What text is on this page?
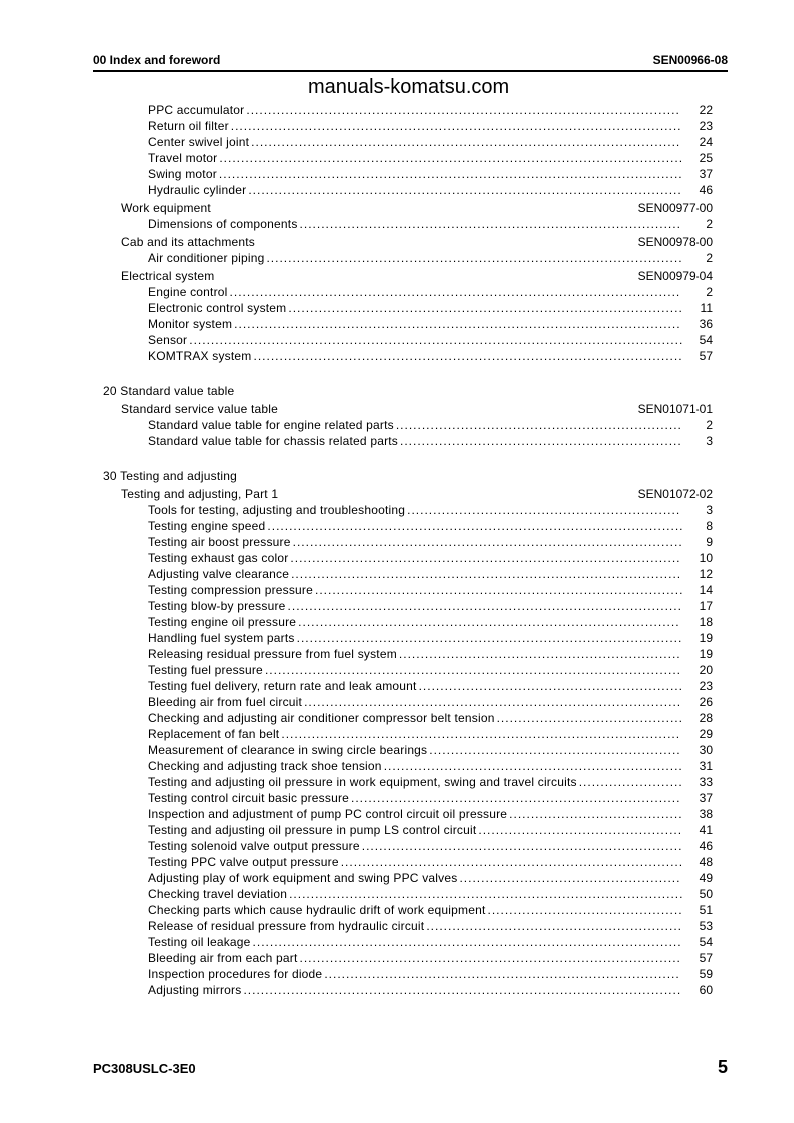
00 Index and foreword	SEN00966-08
manuals-komatsu.com
PPC accumulator ....................................................................................................	22
Return oil filter ........................................................................................................	23
Center swivel joint ...................................................................................................	24
Travel motor ...........................................................................................................	25
Swing motor ...........................................................................................................	37
Hydraulic cylinder ....................................................................................................	46
Work equipment	SEN00977-00
Dimensions of components ........................................................................................	2
Cab and its attachments	SEN00978-00
Air conditioner piping ................................................................................................	2
Electrical system	SEN00979-04
Engine control ........................................................................................................	2
Electronic control system ...........................................................................................	11
Monitor system .......................................................................................................	36
Sensor ..................................................................................................................	54
KOMTRAX system ...................................................................................................	57
20 Standard value table
Standard service value table	SEN01071-01
Standard value table for engine related parts ..................................................................	2
Standard value table for chassis related parts .................................................................	3
30 Testing and adjusting
Testing and adjusting, Part 1	SEN01072-02
Tools for testing, adjusting and troubleshooting ...............................................................	3
Testing engine speed ................................................................................................	8
Testing air boost pressure ..........................................................................................	9
Testing exhaust gas color ..........................................................................................	10
Adjusting valve clearance ..........................................................................................	12
Testing compression pressure .....................................................................................	14
Testing blow-by pressure ...........................................................................................	17
Testing engine oil pressure ........................................................................................	18
Handling fuel system parts .........................................................................................	19
Releasing residual pressure from fuel system .................................................................	19
Testing fuel pressure ................................................................................................	20
Testing fuel delivery, return rate and leak amount .............................................................	23
Bleeding air from fuel circuit .......................................................................................	26
Checking and adjusting air conditioner compressor belt tension ...........................................	28
Replacement of fan belt ............................................................................................	29
Measurement of clearance in swing circle bearings ..........................................................	30
Checking and adjusting track shoe tension .....................................................................	31
Testing and adjusting oil pressure in work equipment, swing and travel circuits ........................	33
Testing control circuit basic pressure ............................................................................	37
Inspection and adjustment of pump PC control circuit oil pressure ........................................	38
Testing and adjusting oil pressure in pump LS control circuit ...............................................	41
Testing solenoid valve output pressure ..........................................................................	46
Testing PPC valve output pressure ...............................................................................	48
Adjusting play of work equipment and swing PPC valves ...................................................	49
Checking travel deviation ...........................................................................................	50
Checking parts which cause hydraulic drift of work equipment .............................................	51
Release of residual pressure from hydraulic circuit ...........................................................	53
Testing oil leakage ...................................................................................................	54
Bleeding air from each part ........................................................................................	57
Inspection procedures for diode ..................................................................................	59
Adjusting mirrors .....................................................................................................	60
PC308USLC-3E0	5
